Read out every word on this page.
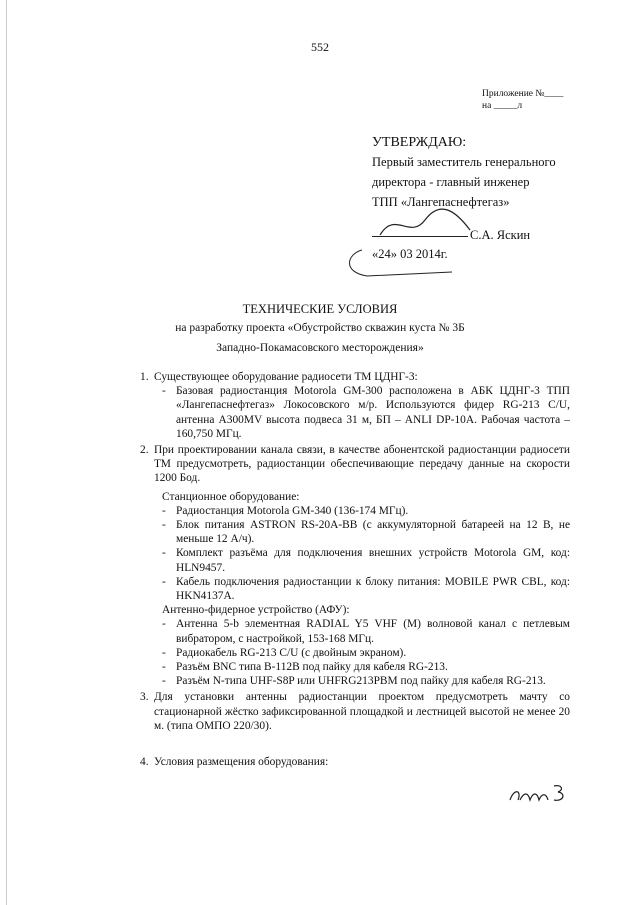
552
Приложение №____
на _____л
УТВЕРЖДАЮ:
Первый заместитель генерального
директора - главный инженер
ТПП «Лангепаснефтегаз»
С.А. Яскин
«24» 03 2014г.
ТЕХНИЧЕСКИЕ УСЛОВИЯ
на разработку проекта «Обустройство скважин куста № 3Б
Западно-Покамасовского месторождения»
1. Существующее оборудование радиосети ТМ ЦДНГ-3:
- Базовая радиостанция Motorola GM-300 расположена в АБК ЦДНГ-3 ТПП «Лангепаснефтегаз» Локосовского м/р. Используются фидер RG-213 C/U, антенна A300MV высота подвеса 31 м, БП – ANLI DP-10A. Рабочая частота – 160,750 МГц.
2. При проектировании канала связи, в качестве абонентской радиостанции радиосети ТМ предусмотреть, радиостанции обеспечивающие передачу данные на скорости 1200 Бод.
Станционное оборудование:
- Радиостанция Motorola GM-340 (136-174 МГц).
- Блок питания ASTRON RS-20A-BB (с аккумуляторной батареей на 12 В, не меньше 12 А/ч).
- Комплект разъёма для подключения внешних устройств Motorola GM, код: HLN9457.
- Кабель подключения радиостанции к блоку питания: MOBILE PWR CBL, код: HKN4137A.
Антенно-фидерное устройство (АФУ):
- Антенна 5-b элементная RADIAL Y5 VHF (M) волновой канал с петлевым вибратором, с настройкой, 153-168 МГц.
- Радиокабель RG-213 C/U (с двойным экраном).
- Разъём BNC типа B-112B под пайку для кабеля RG-213.
- Разъём N-типа UHF-S8P или UHFRG213PBM под пайку для кабеля RG-213.
3. Для установки антенны радиостанции проектом предусмотреть мачту со стационарной жёстко зафиксированной площадкой и лестницей высотой не менее 20 м. (типа ОМПО 220/30).
4. Условия размещения оборудования:
